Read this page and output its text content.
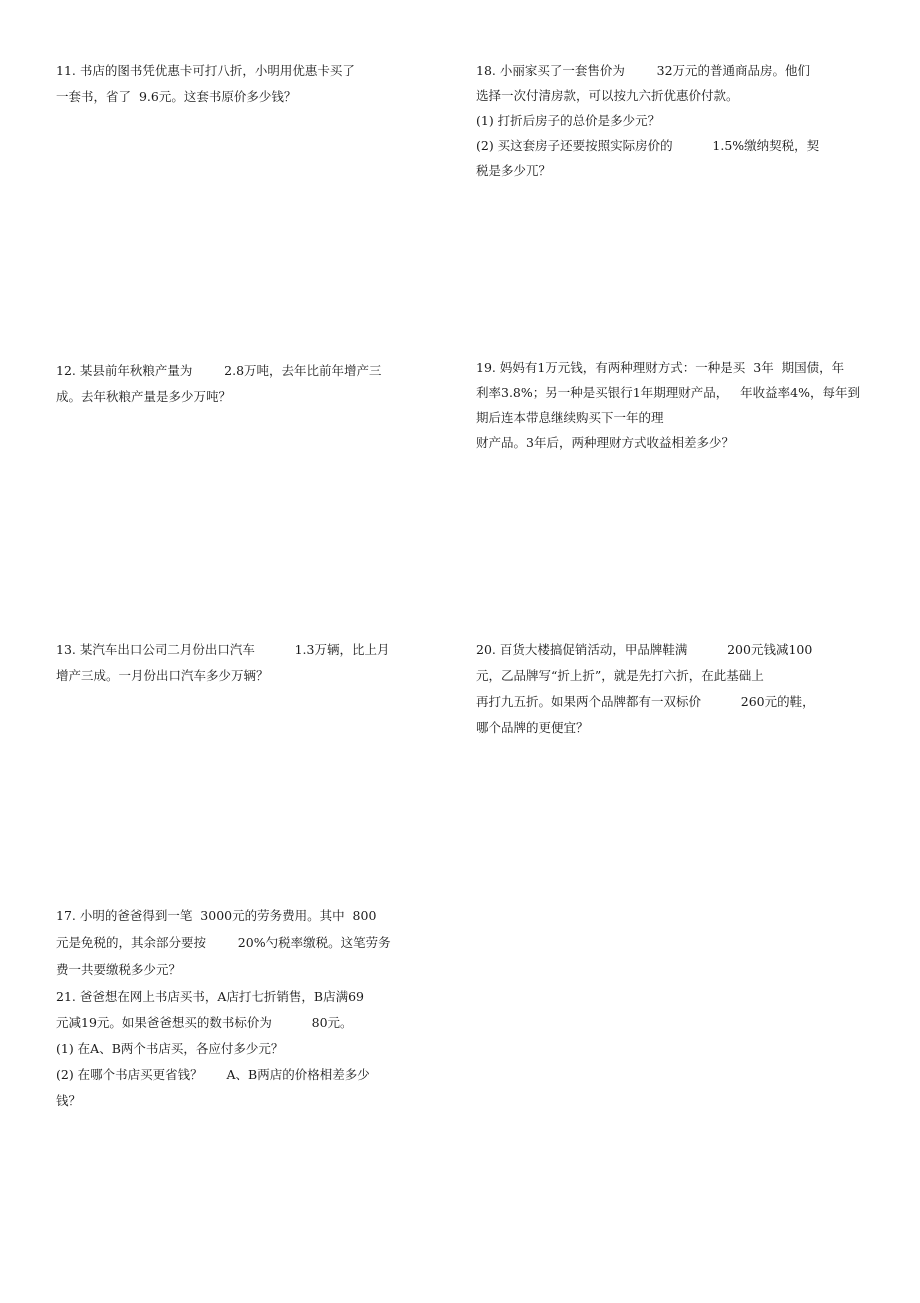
11. 书店的图书凭优惠卡可打八折，小明用优惠卡买了
一套书，省了  9.6元。这套书原价多少钱？
18. 小丽家买了一套售价为        32万元的普通商品房。他们
选择一次付清房款，可以按九六折优惠价付款。
(1) 打折后房子的总价是多少元？
(2) 买这套房子还要按照实际房价的          1.5%缴纳契税，契
税是多少兀？
12. 某县前年秋粮产量为        2.8万吨，去年比前年增产三
成。去年秋粮产量是多少万吨？
19. 妈妈有1万元钱，有两种理财方式：一种是买  3年  期国债，年
利率3.8%；另一种是买银行1年期理财产品，   年收益率4%，每年到
期后连本带息继续购买下一年的理
财产品。3年后，两种理财方式收益相差多少？
13. 某汽车出口公司二月份出口汽车          1.3万辆，比上月
增产三成。一月份出口汽车多少万辆？
20. 百货大楼搞促销活动，甲品牌鞋满          200元钱减100
元，乙品牌写“折上折”，就是先打六折，在此基础上
再打九五折。如果两个品牌都有一双标价          260元的鞋，
哪个品牌的更便宜？
17. 小明的爸爸得到一笔  3000元的劳务费用。其中  800
元是免税的，其余部分要按        20%勺税率缴税。这笔劳务
费一共要缴税多少元？
21. 爸爸想在网上书店买书，A店打七折销售，B店满69
元减19元。如果爸爸想买的数书标价为          80元。
(1) 在A、B两个书店买，各应付多少元？
(2) 在哪个书店买更省钱？      A、B两店的价格相差多少
钱？
